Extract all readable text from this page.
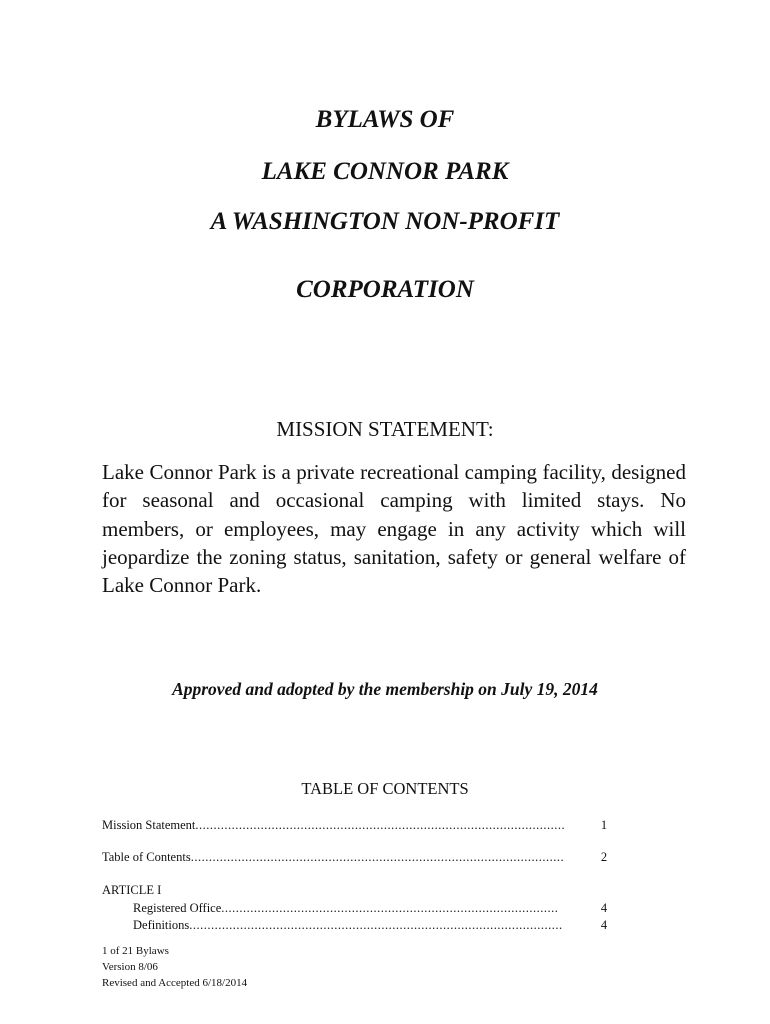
BYLAWS OF
LAKE CONNOR PARK
A WASHINGTON NON-PROFIT
CORPORATION
MISSION STATEMENT:
Lake Connor Park is a private recreational camping facility, designed for seasonal and occasional camping with limited stays. No members, or employees, may engage in any activity which will jeopardize the zoning status, sanitation, safety or general welfare of Lake Connor Park.
Approved and adopted by the membership on July 19, 2014
TABLE OF CONTENTS
Mission Statement .....	1
Table of Contents .....	2
ARTICLE I
Registered Office .....	4
Definitions .....	4
1 of 21 Bylaws
Version 8/06
Revised and Accepted 6/18/2014
